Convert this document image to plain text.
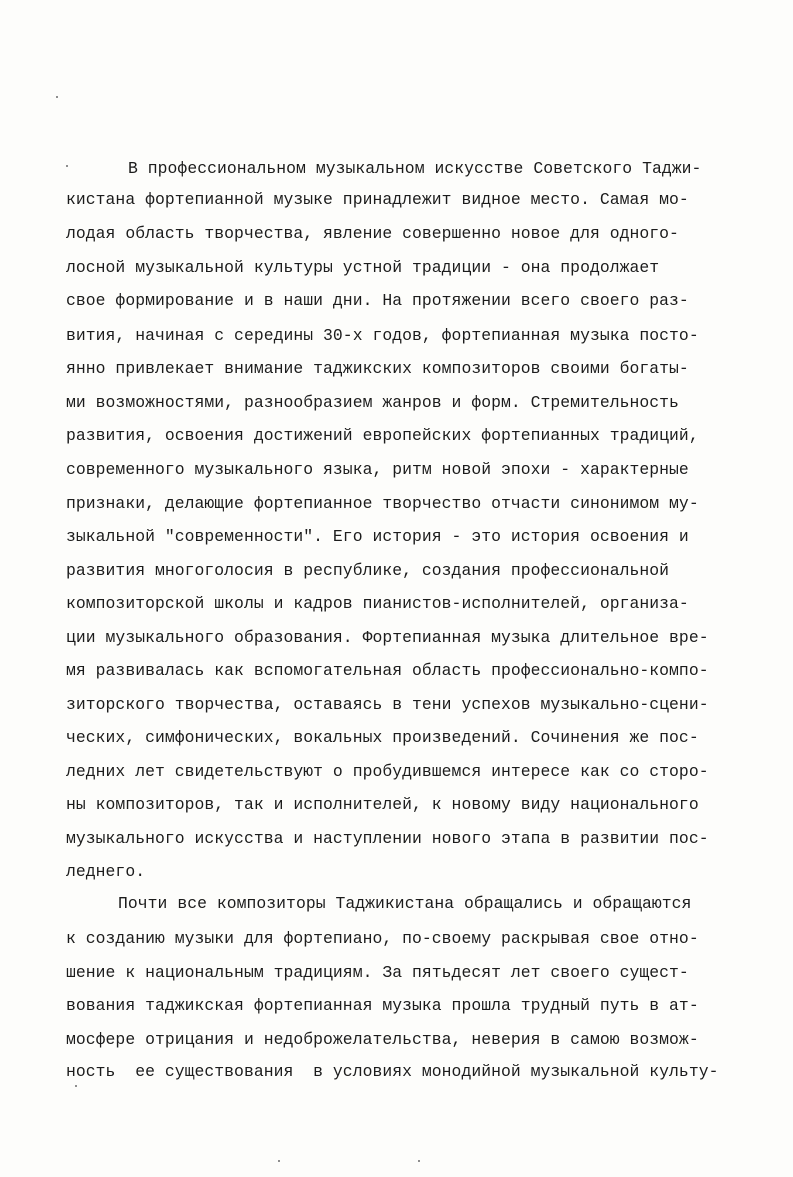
В профессиональном музыкальном искусстве Советского Таджи-
кистана фортепианной музыке принадлежит видное место. Самая мо-
лодая область творчества, явление совершенно новое для одного-
лосной музыкальной культуры устной традиции - она продолжает
свое формирование и в наши дни. На протяжении всего своего раз-
вития, начиная с середины 30-х годов, фортепианная музыка посто-
янно привлекает внимание таджикских композиторов своими богаты-
ми возможностями, разнообразием жанров и форм. Стремительность
развития, освоения достижений европейских фортепианных традиций,
современного музыкального языка, ритм новой эпохи - характерные
признаки, делающие фортепианное творчество отчасти синонимом му-
зыкальной "современности". Его история - это история освоения и
развития многоголосия в республике, создания профессиональной
композиторской школы и кадров пианистов-исполнителей, организа-
ции музыкального образования. Фортепианная музыка длительное вре-
мя развивалась как вспомогательная область профессионально-компо-
зиторского творчества, оставаясь в тени успехов музыкально-сцени-
ческих, симфонических, вокальных произведений. Сочинения же пос-
ледних лет свидетельствуют о пробудившемся интересе как со сторо-
ны композиторов, так и исполнителей, к новому виду национального
музыкального искусства и наступлении нового этапа в развитии пос-
леднего.
Почти все композиторы Таджикистана обращались и обращаются
к созданию музыки для фортепиано, по-своему раскрывая свое отно-
шение к национальным традициям. За пятьдесят лет своего сущест-
вования таджикская фортепианная музыка прошла трудный путь в ат-
мосфере отрицания и недоброжелательства, неверия в самою возмож-
ность  ее существования  в условиях монодийной музыкальной культу-
